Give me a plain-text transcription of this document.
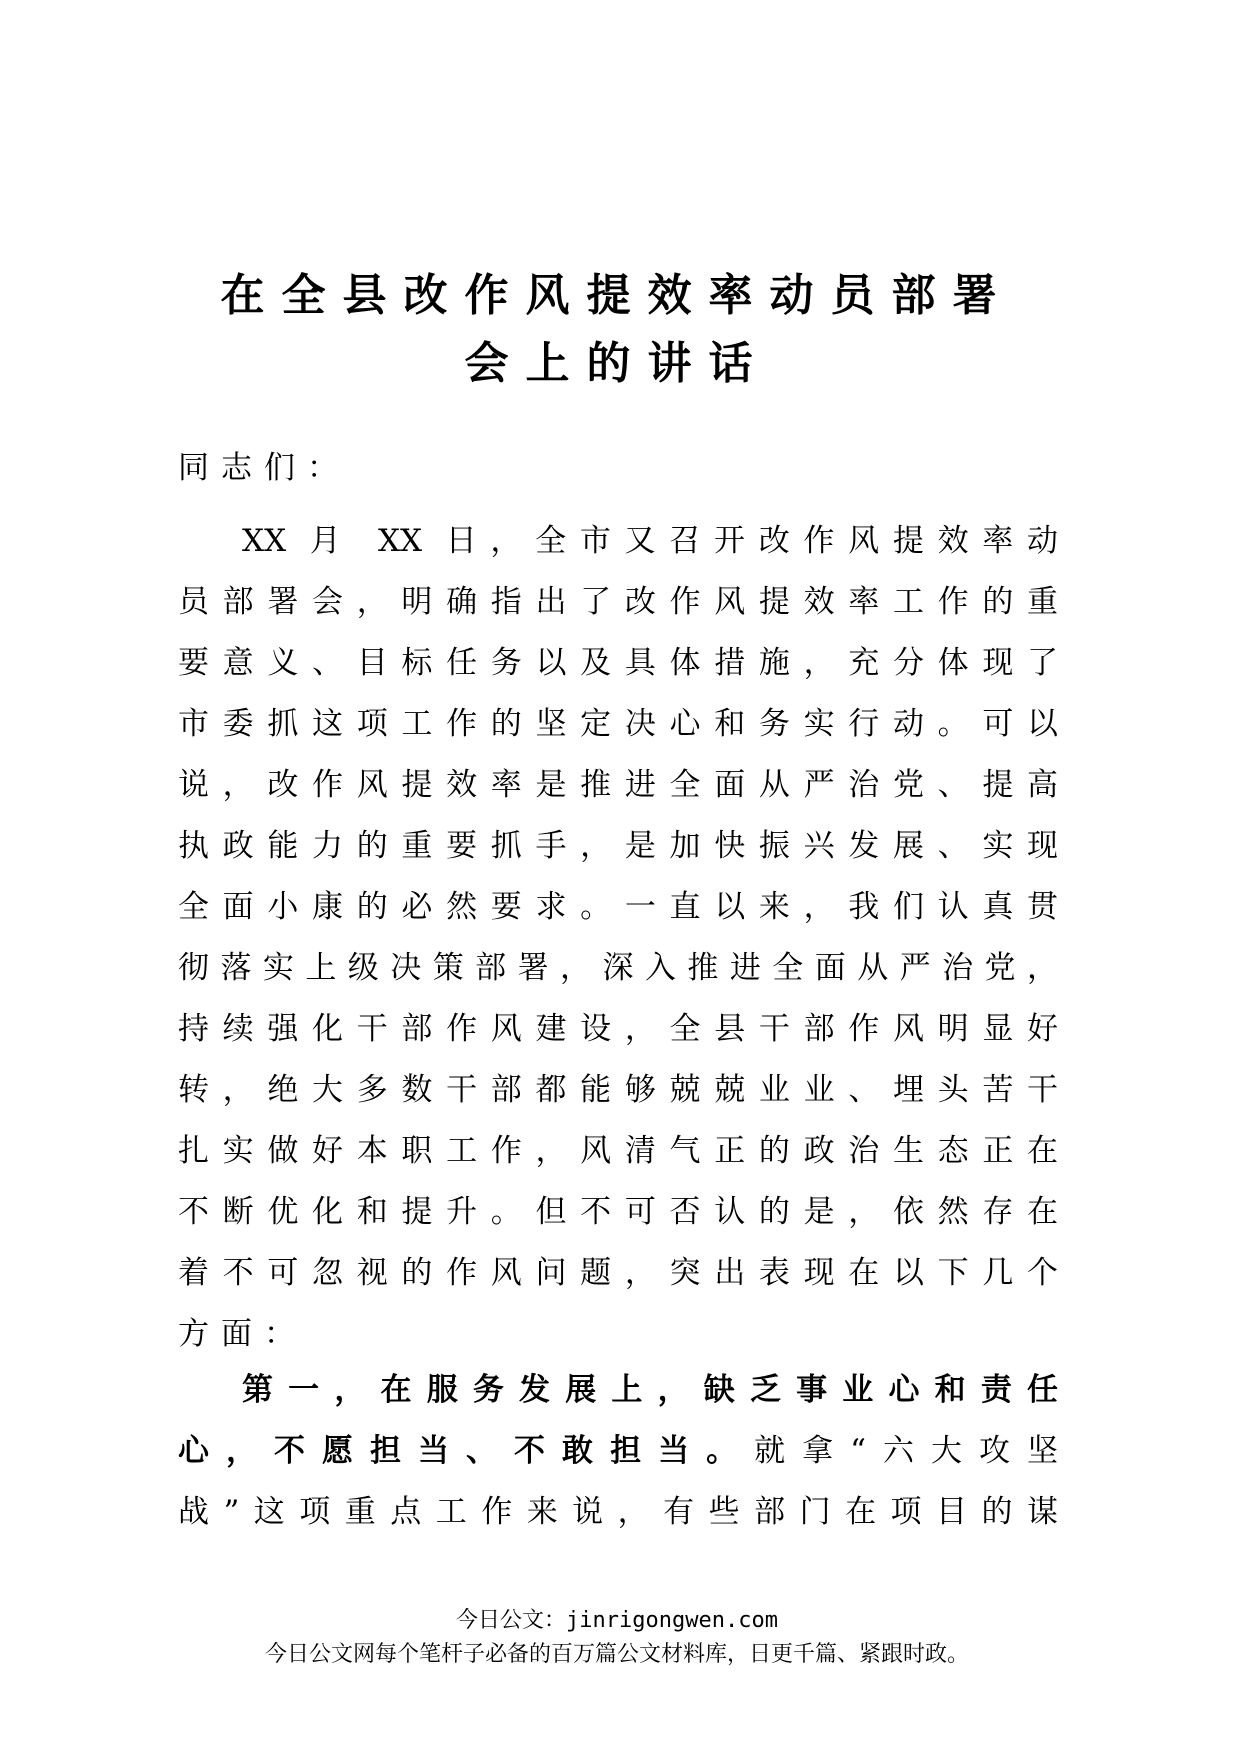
在全县改作风提效率动员部署
会上的讲话

同志们：

XX 月 XX 日，全市又召开改作风提效率动
员部署会，明确指出了改作风提效率工作的重
要意义、目标任务以及具体措施，充分体现了
市委抓这项工作的坚定决心和务实行动。可以
说，改作风提效率是推进全面从严治党、提高
执政能力的重要抓手，是加快振兴发展、实现
全面小康的必然要求。一直以来，我们认真贯
彻落实上级决策部署，深入推进全面从严治党，
持续强化干部作风建设，全县干部作风明显好
转，绝大多数干部都能够兢兢业业、埋头苦干
扎实做好本职工作，风清气正的政治生态正在
不断优化和提升。但不可否认的是，依然存在
着不可忽视的作风问题，突出表现在以下几个
方面：
第一，在服务发展上，缺乏事业心和责任
心，不愿担当、不敢担当。就拿“六大攻坚
战”这项重点工作来说，有些部门在项目的谋
今日公文：jinrigongwen.com
今日公文网每个笔杆子必备的百万篇公文材料库，日更千篇、紧跟时政。
